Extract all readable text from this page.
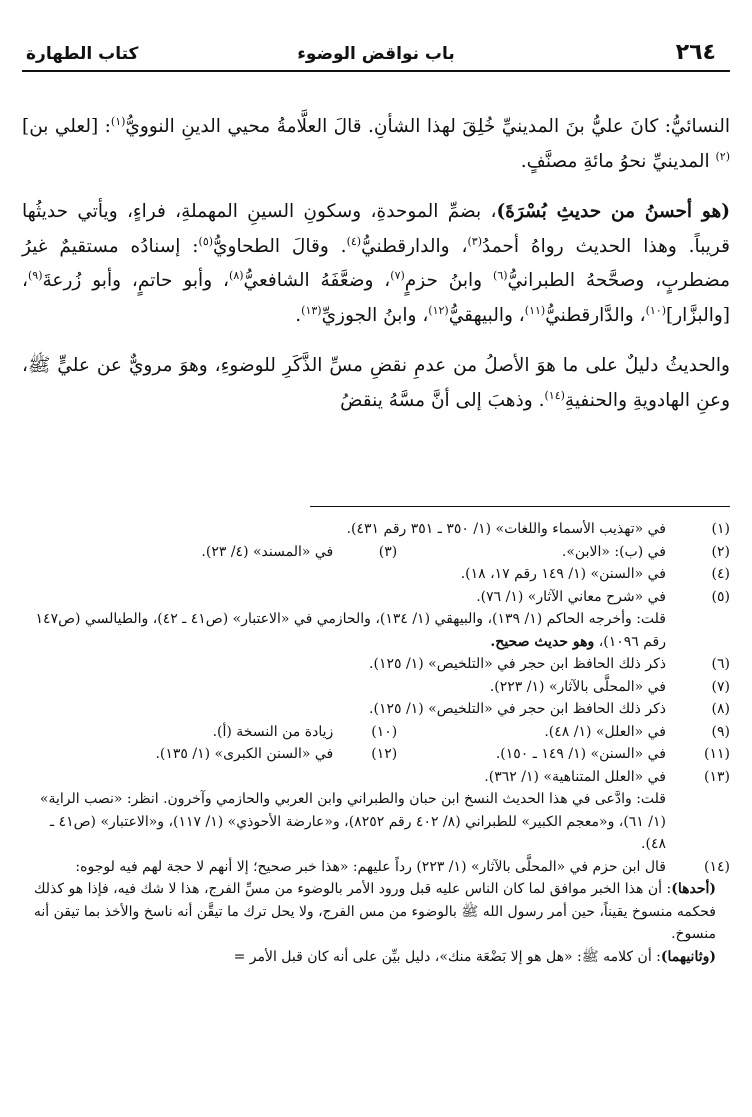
٢٦٤
باب نواقض الوضوء
كتاب الطهارة

النسائيُّ: كانَ عليُّ بنَ المدينيِّ خُلِقَ لهذا الشأنِ. قالَ العلَّامةُ محيي الدينِ النوويُّ$^{(١)}$: [لعلي بن]$^{(٢)}$ المدينيِّ نحوُ مائةِ مصنَّفٍ.

(هو أحسنُ من حديثِ بُسْرَةَ)، بضمِّ الموحدةِ، وسكونِ السينِ المهملةِ، فراءٍ، ويأتي حديثُها قريباً. وهذا الحديث رواهُ أحمدُ$^{(٣)}$، والدارقطنيُّ$^{(٤)}$. وقالَ الطحاويُّ$^{(٥)}$: إسنادُه مستقيمٌ غيرُ مضطربٍ، وصحَّحهُ الطبرانيُّ$^{(٦)}$ وابنُ حزمٍ$^{(٧)}$، وضعَّفَهُ الشافعيُّ$^{(٨)}$، وأبو حاتمٍ، وأبو زُرعةَ$^{(٩)}$، [والبزَّار]$^{(١٠)}$، والدَّارقطنيُّ$^{(١١)}$، والبيهقيُّ$^{(١٢)}$، وابنُ الجوزيِّ$^{(١٣)}$.

والحديثُ دليلٌ على ما هوَ الأصلُ من عدمِ نقضِ مسِّ الذَّكَرِ للوضوءِ، وهوَ مرويٌّ عن عليٍّ ﷺ، وعنِ الهادويةِ والحنفيةِ$^{(١٤)}$. وذهبَ إلى أنَّ مسَّهُ ينقضُ

(١)
في «تهذيب الأسماء واللغات» (١/ ٣٥٠ ـ ٣٥١ رقم ٤٣١).
(٢)
في (ب): «الابن».
(٣)
في «المسند» (٤/ ٢٣).
(٤)
في «السنن» (١/ ١٤٩ رقم ١٧، ١٨).
(٥)
في «شرح معاني الآثار» (١/ ٧٦).
قلت: وأخرجه الحاكم (١/ ١٣٩)، والبيهقي (١/ ١٣٤)، والحازمي في «الاعتبار» (ص٤١ ـ ٤٢)، والطيالسي (ص١٤٧ رقم ١٠٩٦)، وهو حديث صحيح.
(٦)
ذكر ذلك الحافظ ابن حجر في «التلخيص» (١/ ١٢٥).
(٧)
في «المحلَّى بالآثار» (١/ ٢٢٣).
(٨)
ذكر ذلك الحافظ ابن حجر في «التلخيص» (١/ ١٢٥).
(٩)
في «العلل» (١/ ٤٨).
(١٠)
زيادة من النسخة (أ).
(١١)
في «السنن» (١/ ١٤٩ ـ ١٥٠).
(١٢)
في «السنن الكبرى» (١/ ١٣٥).
(١٣)
في «العلل المتناهية» (١/ ٣٦٢).
قلت: وادَّعى في هذا الحديث النسخ ابن حبان والطبراني وابن العربي والحازمي وآخرون. انظر: «نصب الراية» (١/ ٦١)، و«معجم الكبير» للطبراني (٨/ ٤٠٢ رقم ٨٢٥٢)، و«عارضة الأحوذي» (١/ ١١٧)، و«الاعتبار» (ص٤١ ـ ٤٨).
(١٤)
قال ابن حزم في «المحلَّى بالآثار» (١/ ٢٢٣) رداً عليهم: «هذا خبر صحيح؛ إلا أنهم لا حجة لهم فيه لوجوه:
(أحدها): أن هذا الخبر موافق لما كان الناس عليه قبل ورود الأمر بالوضوء من مسِّ الفرج، هذا لا شك فيه، فإذا هو كذلك فحكمه منسوخ يقيناً، حين أمر رسول الله ﷺ بالوضوء من مس الفرج، ولا يحل ترك ما تيقَّن أنه ناسخ والأخذ بما تيقن أنه منسوخ.
(وثانيهما): أن كلامه ﷺ: «هل هو إلا بَضْعَة منك»، دليل بيِّن على أنه كان قبل الأمر =
